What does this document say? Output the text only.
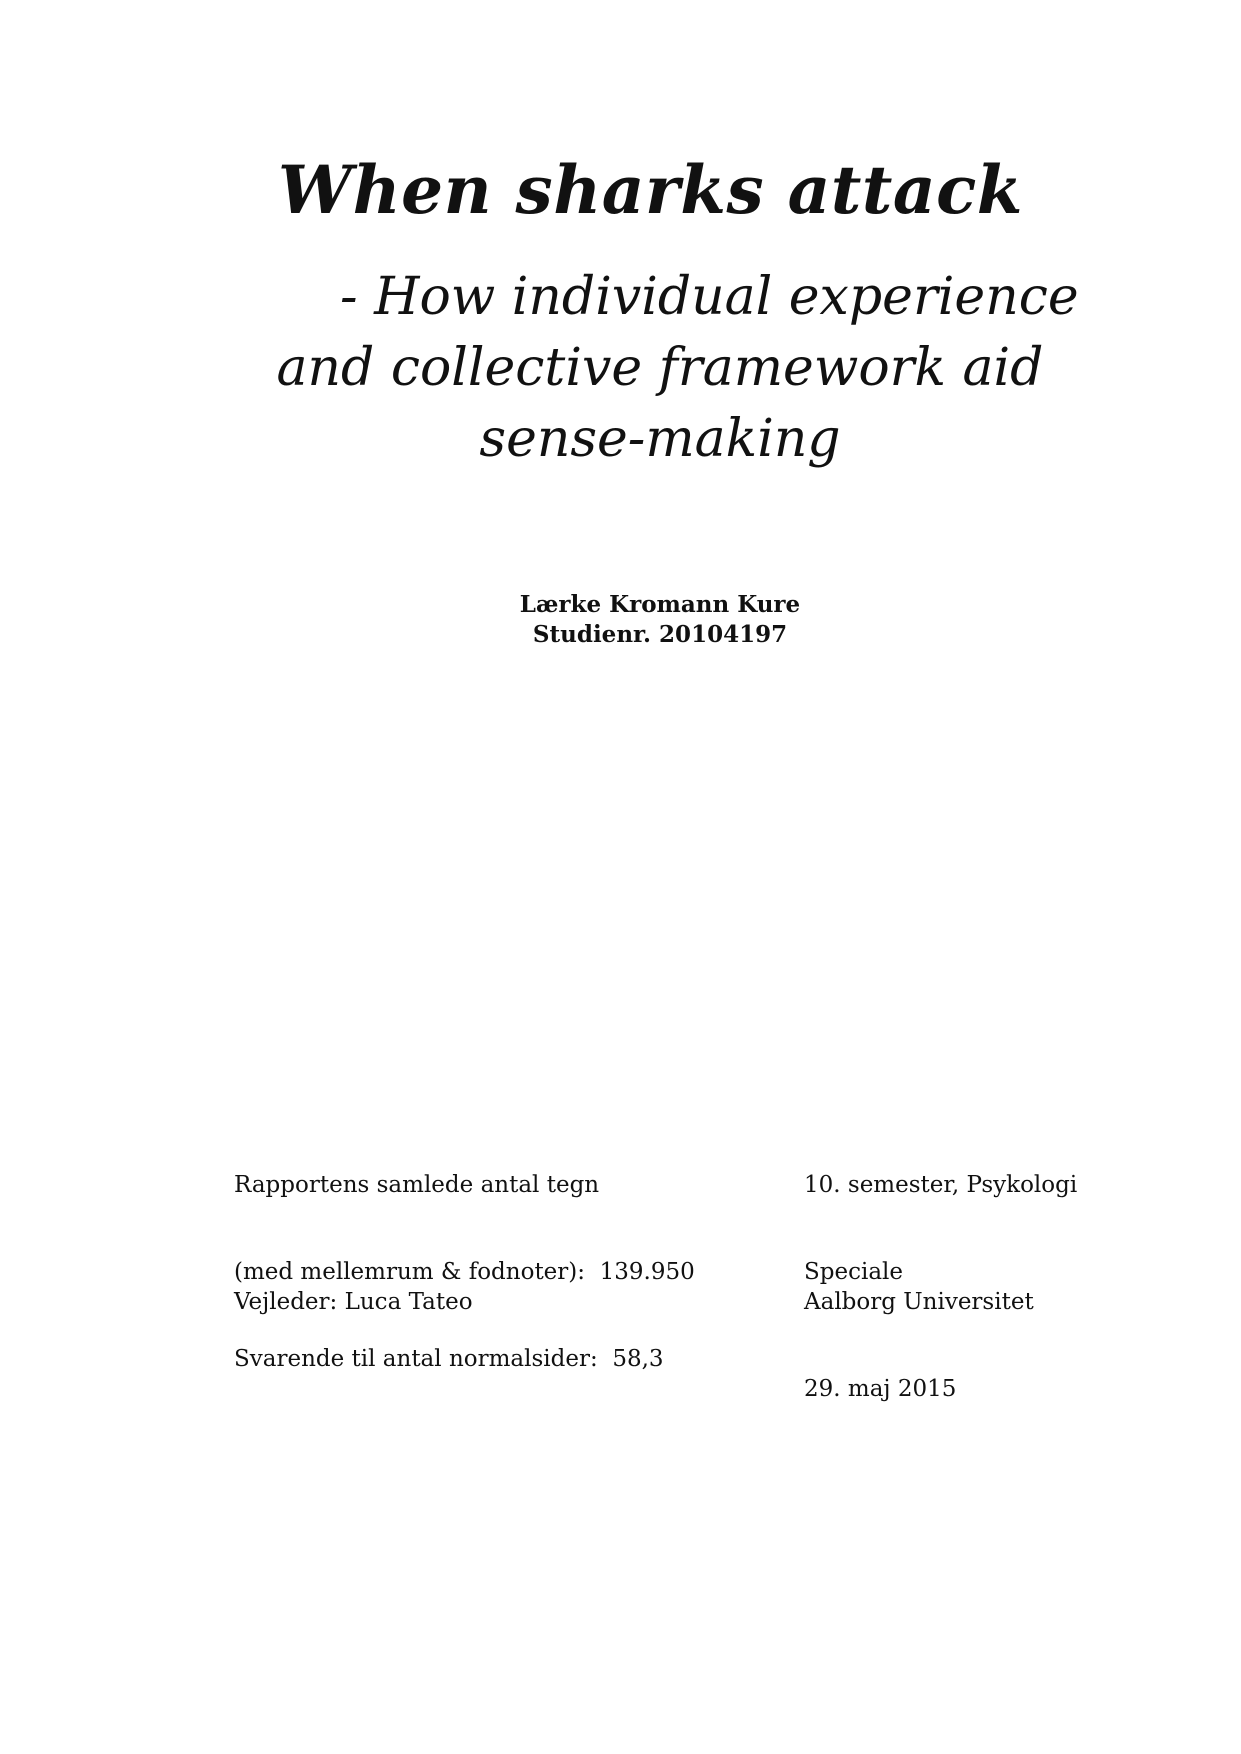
When sharks attack
- How individual experience
and collective framework aid
sense-making
Lærke Kromann Kure
Studienr. 20104197

Rapportens samlede antal tegn

(med mellemrum & fodnoter):  139.950

Svarende til antal normalsider:  58,3

Vejleder: Luca Tateo

10. semester, Psykologi

Speciale

Aalborg Universitet

29. maj 2015
